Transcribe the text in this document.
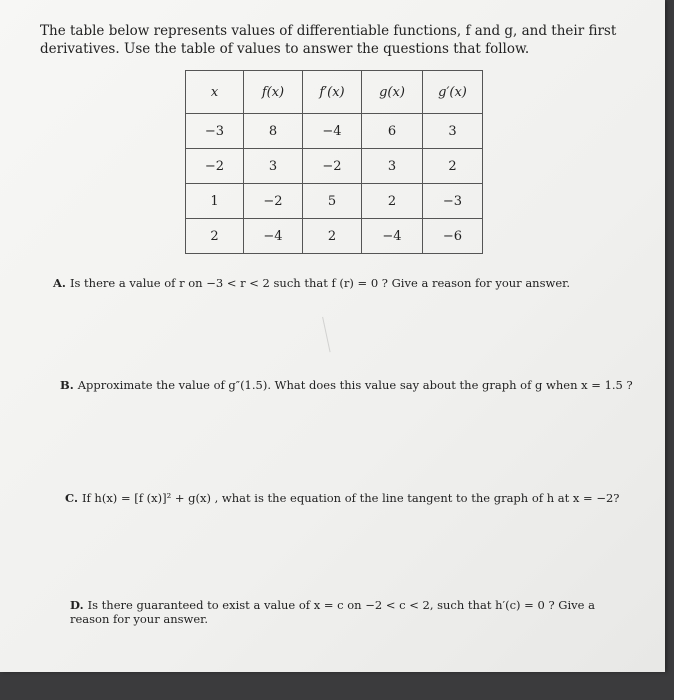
The table below represents values of differentiable functions, f and g, and their first derivatives. Use the table of values to answer the questions that follow.
x	f(x)	f′(x)	g(x)	g′(x)
−3	8	−4	6	3
−2	3	−2	3	2
1	−2	5	2	−3
2	−4	2	−4	−6
A. Is there a value of r on −3 < r < 2 such that f (r) = 0 ? Give a reason for your answer.
B. Approximate the value of g″(1.5). What does this value say about the graph of g when x = 1.5 ?
C. If h(x) = [f (x)]² + g(x) , what is the equation of the line tangent to the graph of h at x = −2?
D. Is there guaranteed to exist a value of x = c on −2 < c < 2, such that h′(c) = 0 ? Give a reason for your answer.
